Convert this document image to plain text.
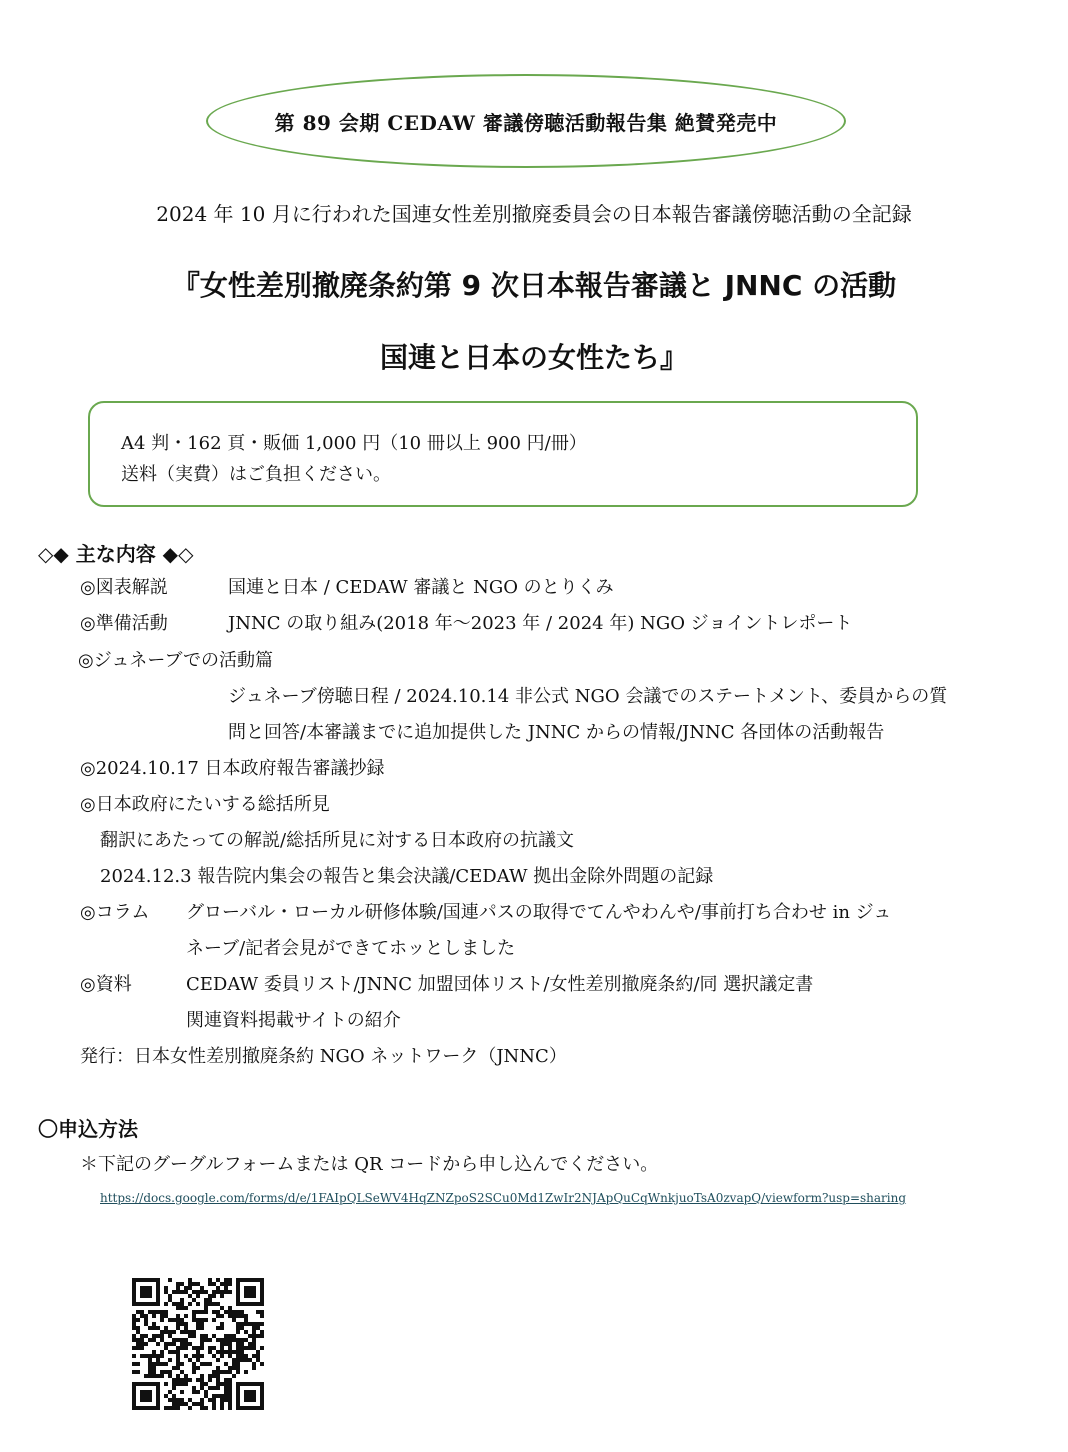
第 89 会期 CEDAW 審議傍聴活動報告集 絶賛発売中
2024 年 10 月に行われた国連女性差別撤廃委員会の日本報告審議傍聴活動の全記録
『女性差別撤廃条約第 9 次日本報告審議と JNNC の活動
国連と日本の女性たち』
A4 判・162 頁・販価 1,000 円（10 冊以上 900 円/冊）
送料（実費）はご負担ください。
◇◆ 主な内容 ◆◇
◎図表解説	国連と日本 / CEDAW 審議と NGO のとりくみ
◎準備活動	JNNC の取り組み(2018 年～2023 年 / 2024 年) NGO ジョイントレポート
◎ジュネーブでの活動篇
ジュネーブ傍聴日程 / 2024.10.14 非公式 NGO 会議でのステートメント、委員からの質
問と回答/本審議までに追加提供した JNNC からの情報/JNNC 各団体の活動報告
◎2024.10.17 日本政府報告審議抄録
◎日本政府にたいする総括所見
翻訳にあたっての解説/総括所見に対する日本政府の抗議文
2024.12.3 報告院内集会の報告と集会決議/CEDAW 拠出金除外問題の記録
◎コラム グローバル・ローカル研修体験/国連パスの取得でてんやわんや/事前打ち合わせ in ジュ
ネーブ/記者会見ができてホッとしました
◎資料	CEDAW 委員リスト/JNNC 加盟団体リスト/女性差別撤廃条約/同 選択議定書
関連資料掲載サイトの紹介
発行：日本女性差別撤廃条約 NGO ネットワーク（JNNC）
〇申込方法
＊下記のグーグルフォームまたは QR コードから申し込んでください。
https://docs.google.com/forms/d/e/1FAIpQLSeWV4HqZNZpoS2SCu0Md1ZwIr2NJApQuCqWnkjuoTsA0zvapQ/viewform?usp=sharing
